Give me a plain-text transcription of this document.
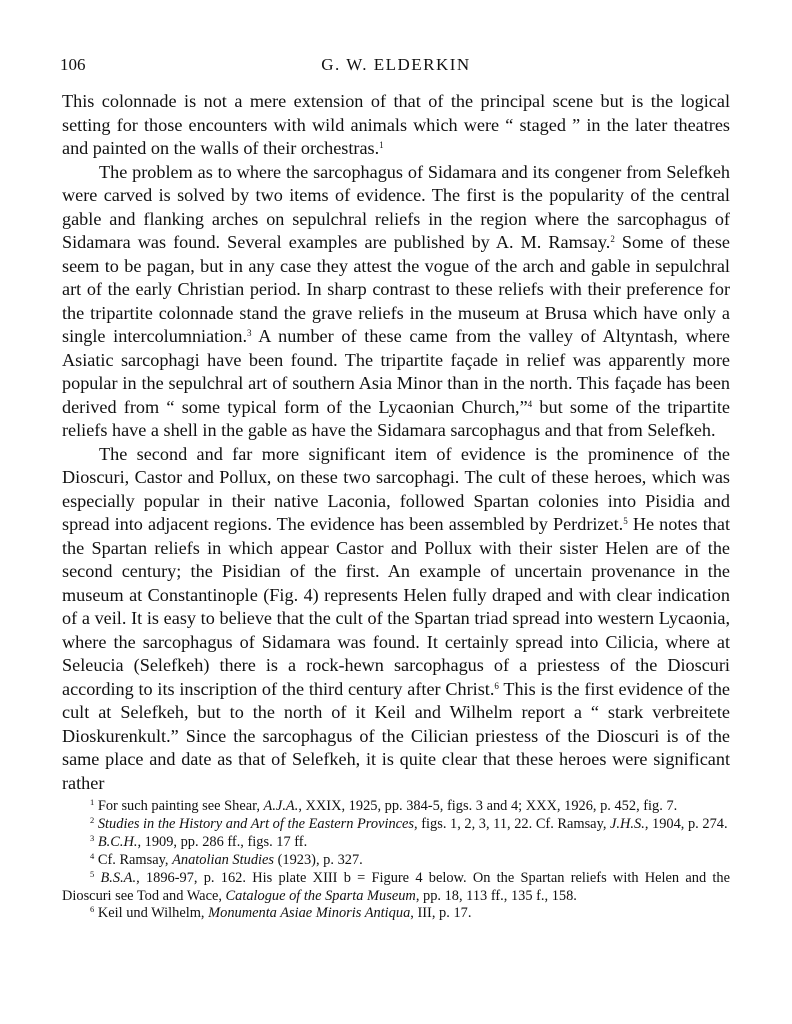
106	G. W. ELDERKIN

This colonnade is not a mere extension of that of the principal scene but is the logical setting for those encounters with wild animals which were “ staged ” in the later theatres and painted on the walls of their orchestras.$^1$

The problem as to where the sarcophagus of Sidamara and its congener from Selefkeh were carved is solved by two items of evidence. The first is the popularity of the central gable and flanking arches on sepulchral reliefs in the region where the sarcophagus of Sidamara was found. Several examples are published by A. M. Ramsay.$^2$ Some of these seem to be pagan, but in any case they attest the vogue of the arch and gable in sepulchral art of the early Christian period. In sharp contrast to these reliefs with their preference for the tripartite colonnade stand the grave reliefs in the museum at Brusa which have only a single intercolumniation.$^3$ A number of these came from the valley of Altyntash, where Asiatic sarcophagi have been found. The tripartite façade in relief was apparently more popular in the sepulchral art of southern Asia Minor than in the north. This façade has been derived from “ some typical form of the Lycaonian Church,”$^4$ but some of the tripartite reliefs have a shell in the gable as have the Sidamara sarcophagus and that from Selefkeh.

The second and far more significant item of evidence is the prominence of the Dioscuri, Castor and Pollux, on these two sarcophagi. The cult of these heroes, which was especially popular in their native Laconia, followed Spartan colonies into Pisidia and spread into adjacent regions. The evidence has been assembled by Perdrizet.$^5$ He notes that the Spartan reliefs in which appear Castor and Pollux with their sister Helen are of the second century; the Pisidian of the first. An example of uncertain provenance in the museum at Constantinople (Fig. 4) represents Helen fully draped and with clear indication of a veil. It is easy to believe that the cult of the Spartan triad spread into western Lycaonia, where the sarcophagus of Sidamara was found. It certainly spread into Cilicia, where at Seleucia (Selefkeh) there is a rock-hewn sarcophagus of a priestess of the Dioscuri according to its inscription of the third century after Christ.$^6$ This is the first evidence of the cult at Selefkeh, but to the north of it Keil and Wilhelm report a “ stark verbreitete Dioskurenkult.” Since the sarcophagus of the Cilician priestess of the Dioscuri is of the same place and date as that of Selefkeh, it is quite clear that these heroes were significant rather

$^1$ For such painting see Shear, A.J.A., XXIX, 1925, pp. 384-5, figs. 3 and 4; XXX, 1926, p. 452, fig. 7.

$^2$ Studies in the History and Art of the Eastern Provinces, figs. 1, 2, 3, 11, 22. Cf. Ramsay, J.H.S., 1904, p. 274.

$^3$ B.C.H., 1909, pp. 286 ff., figs. 17 ff.

$^4$ Cf. Ramsay, Anatolian Studies (1923), p. 327.

$^5$ B.S.A., 1896-97, p. 162. His plate XIII b = Figure 4 below. On the Spartan reliefs with Helen and the Dioscuri see Tod and Wace, Catalogue of the Sparta Museum, pp. 18, 113 ff., 135 f., 158.

$^6$ Keil und Wilhelm, Monumenta Asiae Minoris Antiqua, III, p. 17.
